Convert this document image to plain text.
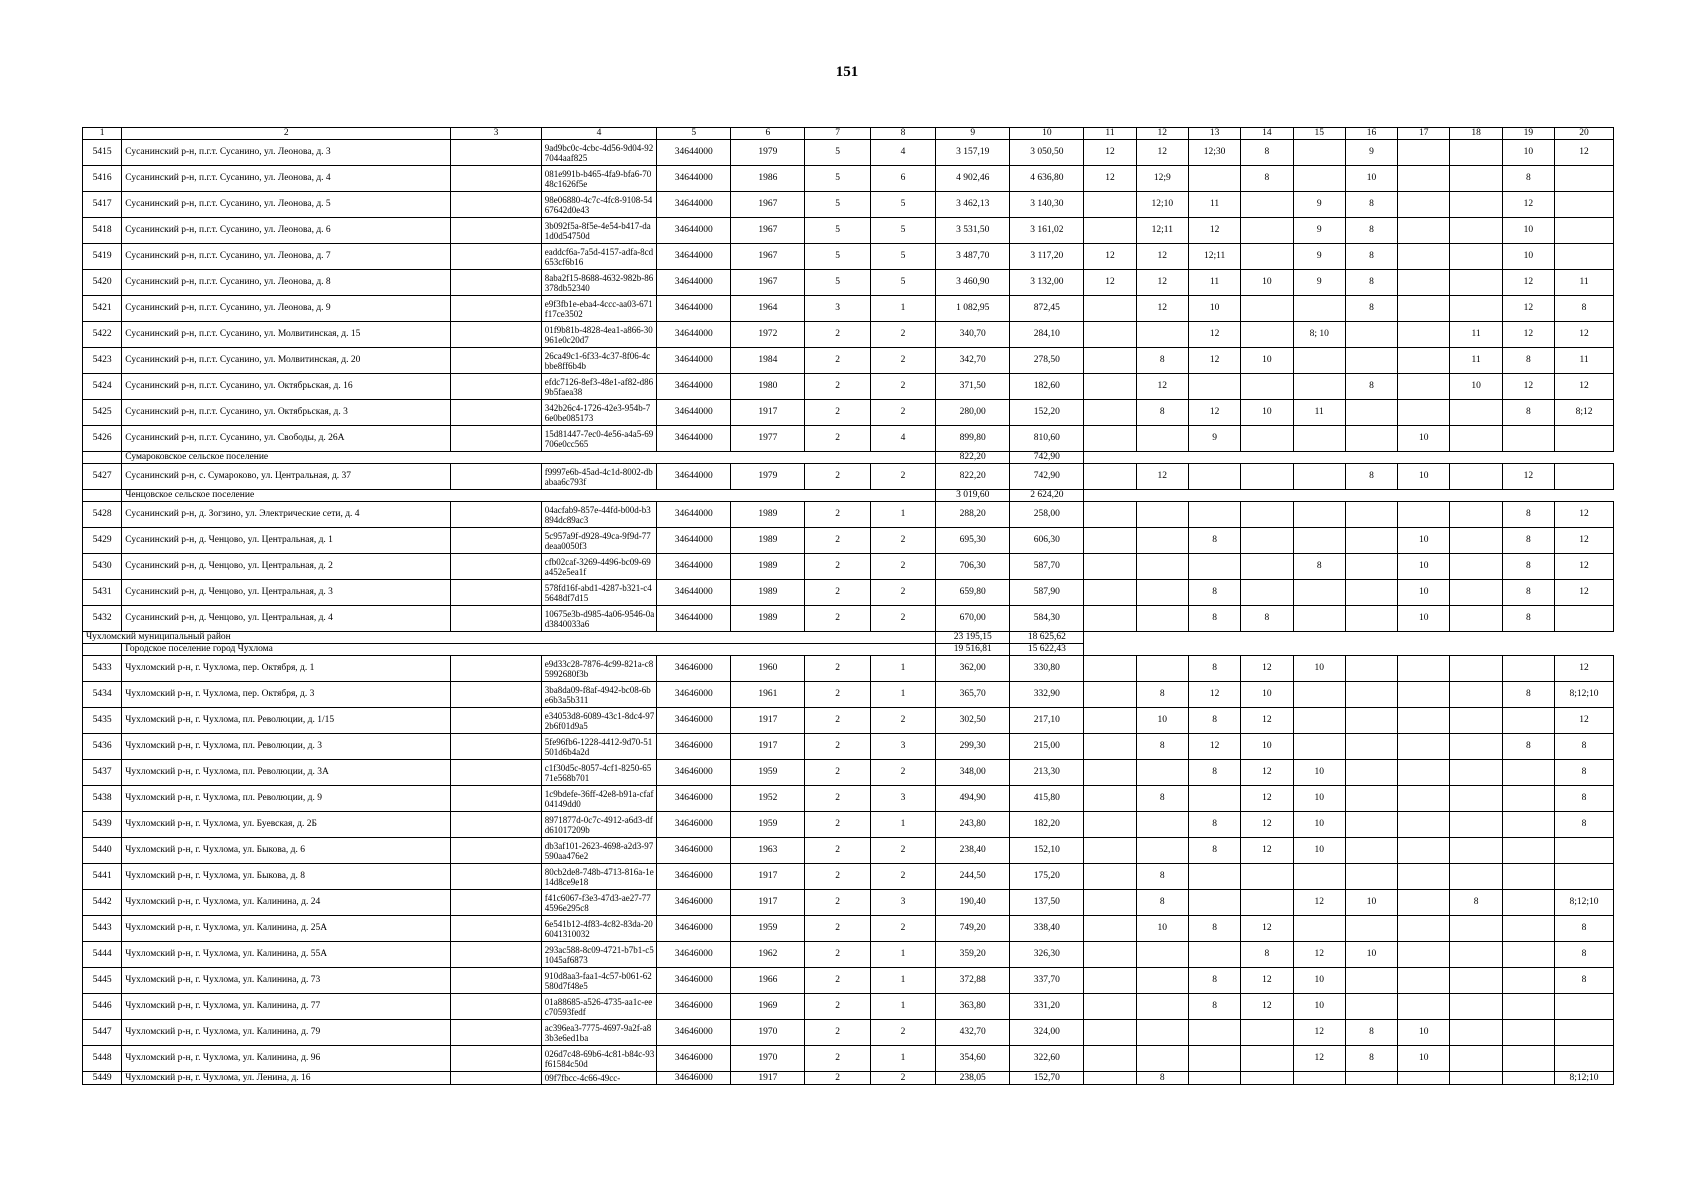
151
1	2	3	4	5	6	7	8	9	10	11	12	13	14	15	16	17	18	19	20
5415	Сусанинский р-н, п.г.т. Сусанино, ул. Леонова, д. 3		9ad9bc0c-4cbc-4d56-9d04-927044aaf825	34644000	1979	5	4	3 157,19	3 050,50	12	12	12;30	8		9			10	12
5416	Сусанинский р-н, п.г.т. Сусанино, ул. Леонова, д. 4		081e991b-b465-4fa9-bfa6-7048c1626f5e	34644000	1986	5	6	4 902,46	4 636,80	12	12;9		8		10			8	
5417	Сусанинский р-н, п.г.т. Сусанино, ул. Леонова, д. 5		98e06880-4c7c-4fc8-9108-5467642d0e43	34644000	1967	5	5	3 462,13	3 140,30		12;10	11		9	8			12	
5418	Сусанинский р-н, п.г.т. Сусанино, ул. Леонова, д. 6		3b092f5a-8f5e-4e54-b417-da1d0d54750d	34644000	1967	5	5	3 531,50	3 161,02		12;11	12		9	8			10	
5419	Сусанинский р-н, п.г.т. Сусанино, ул. Леонова, д. 7		eaddcf6a-7a5d-4157-adfa-8cd653cf6b16	34644000	1967	5	5	3 487,70	3 117,20	12	12	12;11		9	8			10	
5420	Сусанинский р-н, п.г.т. Сусанино, ул. Леонова, д. 8		8aba2f15-8688-4632-982b-86378db52340	34644000	1967	5	5	3 460,90	3 132,00	12	12	11	10	9	8			12	11
5421	Сусанинский р-н, п.г.т. Сусанино, ул. Леонова, д. 9		e9f3fb1e-eba4-4ccc-aa03-671f17ce3502	34644000	1964	3	1	1 082,95	872,45		12	10			8			12	8
5422	Сусанинский р-н, п.г.т. Сусанино, ул. Молвитинская, д. 15		01f9b81b-4828-4ea1-a866-30961e0c20d7	34644000	1972	2	2	340,70	284,10			12		8; 10			11	12	12
5423	Сусанинский р-н, п.г.т. Сусанино, ул. Молвитинская, д. 20		26ca49c1-6f33-4c37-8f06-4cbbe8ff6b4b	34644000	1984	2	2	342,70	278,50		8	12	10				11	8	11
5424	Сусанинский р-н, п.г.т. Сусанино, ул. Октябрьская, д. 16		efdc7126-8ef3-48e1-af82-d869b5faea38	34644000	1980	2	2	371,50	182,60		12				8		10	12	12
5425	Сусанинский р-н, п.г.т. Сусанино, ул. Октябрьская, д. 3		342b26c4-1726-42e3-954b-76e0be085173	34644000	1917	2	2	280,00	152,20		8	12	10	11				8	8;12
5426	Сусанинский р-н, п.г.т. Сусанино, ул. Свободы, д. 26А		15d81447-7ec0-4e56-a4a5-69706e0cc565	34644000	1977	2	4	899,80	810,60			9				10			
	Сумароковское сельское поселение							822,20	742,90										
5427	Сусанинский р-н, с. Сумароково, ул. Центральная, д. 37		f9997e6b-45ad-4c1d-8002-dbabaa6c793f	34644000	1979	2	2	822,20	742,90		12				8	10		12	
	Ченцовское сельское поселение							3 019,60	2 624,20										
5428	Сусанинский р-н, д. Зогзино, ул. Электрические сети, д. 4		04acfab9-857e-44fd-b00d-b3894dc89ac3	34644000	1989	2	1	288,20	258,00									8	12
5429	Сусанинский р-н, д. Ченцово, ул. Центральная, д. 1		5c957a9f-d928-49ca-9f9d-77deaa0050f3	34644000	1989	2	2	695,30	606,30			8				10		8	12
5430	Сусанинский р-н, д. Ченцово, ул. Центральная, д. 2		cfb02caf-3269-4496-bc09-69a452e5ea1f	34644000	1989	2	2	706,30	587,70					8		10		8	12
5431	Сусанинский р-н, д. Ченцово, ул. Центральная, д. 3		578fd16f-abd1-4287-b321-c45648df7d15	34644000	1989	2	2	659,80	587,90			8				10		8	12
5432	Сусанинский р-н, д. Ченцово, ул. Центральная, д. 4		10675e3b-d985-4a06-9546-0ad3840033a6	34644000	1989	2	2	670,00	584,30			8	8			10		8	
Чухломский муниципальный район								23 195,15	18 625,62										
	Городское поселение город Чухлома							19 516,81	15 622,43										
5433	Чухломский р-н, г. Чухлома, пер. Октября, д. 1		e9d33c28-7876-4c99-821a-c85992680f3b	34646000	1960	2	1	362,00	330,80			8	12	10					12
5434	Чухломский р-н, г. Чухлома, пер. Октября, д. 3		3ba8da09-f8af-4942-bc08-6be6b3a5b311	34646000	1961	2	1	365,70	332,90		8	12	10					8	8;12;10
5435	Чухломский р-н, г. Чухлома, пл. Революции, д. 1/15		e34053d8-6089-43c1-8dc4-972b6f01d9a5	34646000	1917	2	2	302,50	217,10		10	8	12						12
5436	Чухломский р-н, г. Чухлома, пл. Революции, д. 3		5fe96fb6-1228-4412-9d70-51501d6b4a2d	34646000	1917	2	3	299,30	215,00		8	12	10					8	8
5437	Чухломский р-н, г. Чухлома, пл. Революции, д. 3А		c1f30d5c-8057-4cf1-8250-6571e568b701	34646000	1959	2	2	348,00	213,30			8	12	10					8
5438	Чухломский р-н, г. Чухлома, пл. Революции, д. 9		1c9bdefe-36ff-42e8-b91a-cfaf04149dd0	34646000	1952	2	3	494,90	415,80		8		12	10					8
5439	Чухломский р-н, г. Чухлома, ул. Буевская, д. 2Б		8971877d-0c7c-4912-a6d3-dfd61017209b	34646000	1959	2	1	243,80	182,20			8	12	10					8
5440	Чухломский р-н, г. Чухлома, ул. Быкова, д. 6		db3af101-2623-4698-a2d3-97590aa476e2	34646000	1963	2	2	238,40	152,10			8	12	10					
5441	Чухломский р-н, г. Чухлома, ул. Быкова, д. 8		80cb2de8-748b-4713-816a-1e14d8ce9e18	34646000	1917	2	2	244,50	175,20		8								
5442	Чухломский р-н, г. Чухлома, ул. Калинина, д. 24		f41c6067-f3e3-47d3-ae27-774596e295c8	34646000	1917	2	3	190,40	137,50		8			12	10		8		8;12;10
5443	Чухломский р-н, г. Чухлома, ул. Калинина, д. 25А		6e541b12-4f83-4c82-83da-206041310032	34646000	1959	2	2	749,20	338,40		10	8	12						8
5444	Чухломский р-н, г. Чухлома, ул. Калинина, д. 55А		293ac588-8c09-4721-b7b1-c51045af6873	34646000	1962	2	1	359,20	326,30				8	12	10				8
5445	Чухломский р-н, г. Чухлома, ул. Калинина, д. 73		910d8aa3-faa1-4c57-b061-62580d7f48e5	34646000	1966	2	1	372,88	337,70			8	12	10					8
5446	Чухломский р-н, г. Чухлома, ул. Калинина, д. 77		01a88685-a526-4735-aa1c-eec70593fedf	34646000	1969	2	1	363,80	331,20			8	12	10					
5447	Чухломский р-н, г. Чухлома, ул. Калинина, д. 79		ac396ea3-7775-4697-9a2f-a83b3e6ed1ba	34646000	1970	2	2	432,70	324,00					12	8	10			
5448	Чухломский р-н, г. Чухлома, ул. Калинина, д. 96		026d7c48-69b6-4c81-b84c-93f61584c50d	34646000	1970	2	1	354,60	322,60					12	8	10			
5449	Чухломский р-н, г. Чухлома, ул. Ленина, д. 16		09f7fbcc-4c66-49cc-	34646000	1917	2	2	238,05	152,70		8								8;12;10
